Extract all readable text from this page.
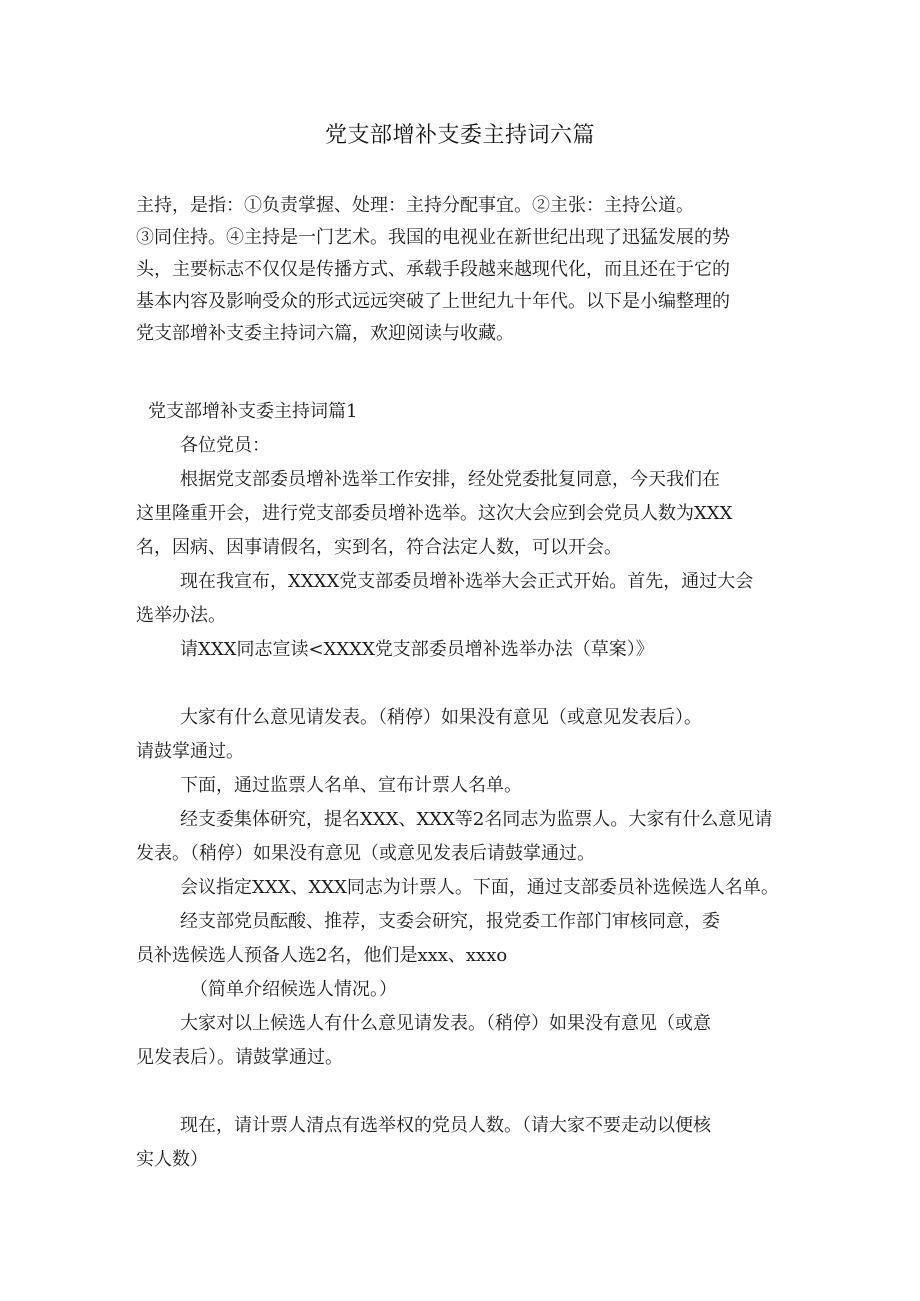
党支部增补支委主持词六篇
主持，是指：①负责掌握、处理：主持分配事宜。②主张：主持公道。
③同住持。④主持是一门艺术。我国的电视业在新世纪出现了迅猛发展的势
头，主要标志不仅仅是传播方式、承载手段越来越现代化，而且还在于它的
基本内容及影响受众的形式远远突破了上世纪九十年代。以下是小编整理的
党支部增补支委主持词六篇，欢迎阅读与收藏。
党支部增补支委主持词篇1
各位党员：
根据党支部委员增补选举工作安排，经处党委批复同意，今天我们在
这里隆重开会，进行党支部委员增补选举。这次大会应到会党员人数为XXX
名，因病、因事请假名，实到名，符合法定人数，可以开会。
现在我宣布，XXXX党支部委员增补选举大会正式开始。首先，通过大会
选举办法。
请XXX同志宣读<XXXX党支部委员增补选举办法（草案）》
大家有什么意见请发表。（稍停）如果没有意见（或意见发表后）。
请鼓掌通过。
下面，通过监票人名单、宣布计票人名单。
经支委集体研究，提名XXX、XXX等2名同志为监票人。大家有什么意见请
发表。（稍停）如果没有意见（或意见发表后请鼓掌通过。
会议指定XXX、XXX同志为计票人。下面，通过支部委员补选候选人名单。
经支部党员酝酸、推荐，支委会研究，报党委工作部门审核同意，委
员补选候选人预备人选2名，他们是xxx、xxxo
（简单介绍候选人情况。）
大家对以上候选人有什么意见请发表。（稍停）如果没有意见（或意
见发表后）。请鼓掌通过。
现在，请计票人清点有选举权的党员人数。（请大家不要走动以便核
实人数）
